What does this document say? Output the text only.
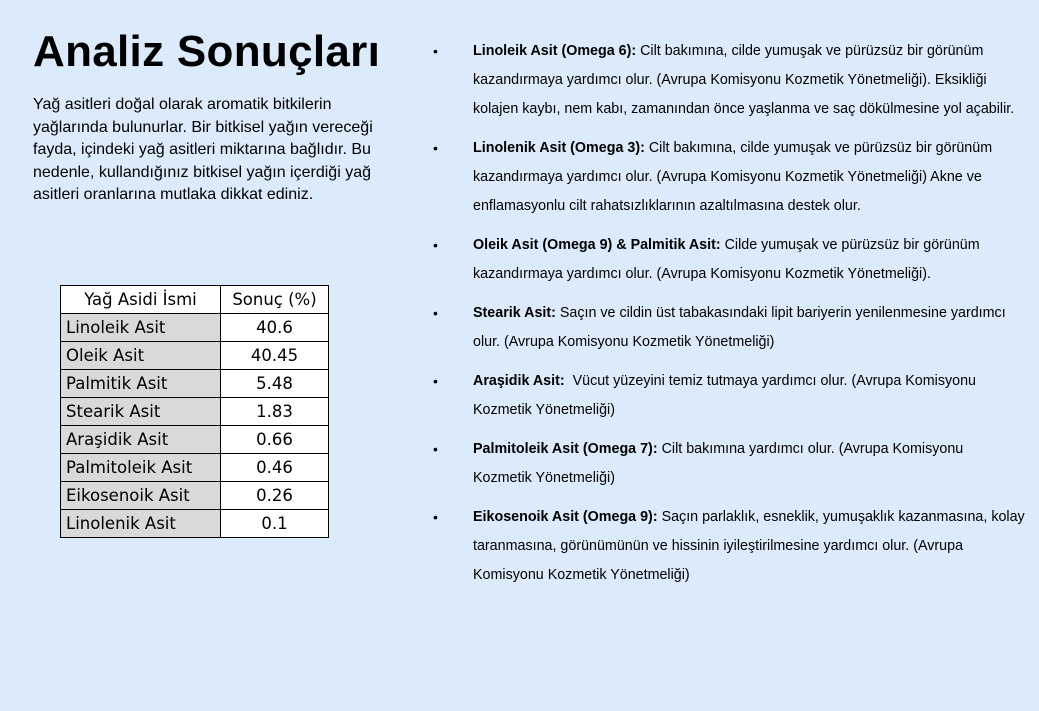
Analiz Sonuçları

Yağ asitleri doğal olarak aromatik bitkilerin yağlarında bulunurlar. Bir bitkisel yağın vereceği fayda, içindeki yağ asitleri miktarına bağlıdır. Bu nedenle, kullandığınız bitkisel yağın içerdiği yağ asitleri oranlarına mutlaka dikkat ediniz.

Yağ Asidi İsmi	Sonuç (%)
Linoleik Asit	40.6
Oleik Asit	40.45
Palmitik Asit	5.48
Stearik Asit	1.83
Araşidik Asit	0.66
Palmitoleik Asit	0.46
Eikosenoik Asit	0.26
Linolenik Asit	0.1
• Linoleik Asit (Omega 6): Cilt bakımına, cilde yumuşak ve pürüzsüz bir görünüm kazandırmaya yardımcı olur. (Avrupa Komisyonu Kozmetik Yönetmeliği). Eksikliği kolajen kaybı, nem kabı, zamanından önce yaşlanma ve saç dökülmesine yol açabilir.
• Linolenik Asit (Omega 3): Cilt bakımına, cilde yumuşak ve pürüzsüz bir görünüm kazandırmaya yardımcı olur. (Avrupa Komisyonu Kozmetik Yönetmeliği) Akne ve enflamasyonlu cilt rahatsızlıklarının azaltılmasına destek olur.
• Oleik Asit (Omega 9) & Palmitik Asit: Cilde yumuşak ve pürüzsüz bir görünüm kazandırmaya yardımcı olur. (Avrupa Komisyonu Kozmetik Yönetmeliği).
• Stearik Asit: Saçın ve cildin üst tabakasındaki lipit bariyerin yenilenmesine yardımcı olur. (Avrupa Komisyonu Kozmetik Yönetmeliği)
• Araşidik Asit:  Vücut yüzeyini temiz tutmaya yardımcı olur. (Avrupa Komisyonu Kozmetik Yönetmeliği)
• Palmitoleik Asit (Omega 7): Cilt bakımına yardımcı olur. (Avrupa Komisyonu Kozmetik Yönetmeliği)
• Eikosenoik Asit (Omega 9): Saçın parlaklık, esneklik, yumuşaklık kazanmasına, kolay taranmasına, görünümünün ve hissinin iyileştirilmesine yardımcı olur. (Avrupa Komisyonu Kozmetik Yönetmeliği)
